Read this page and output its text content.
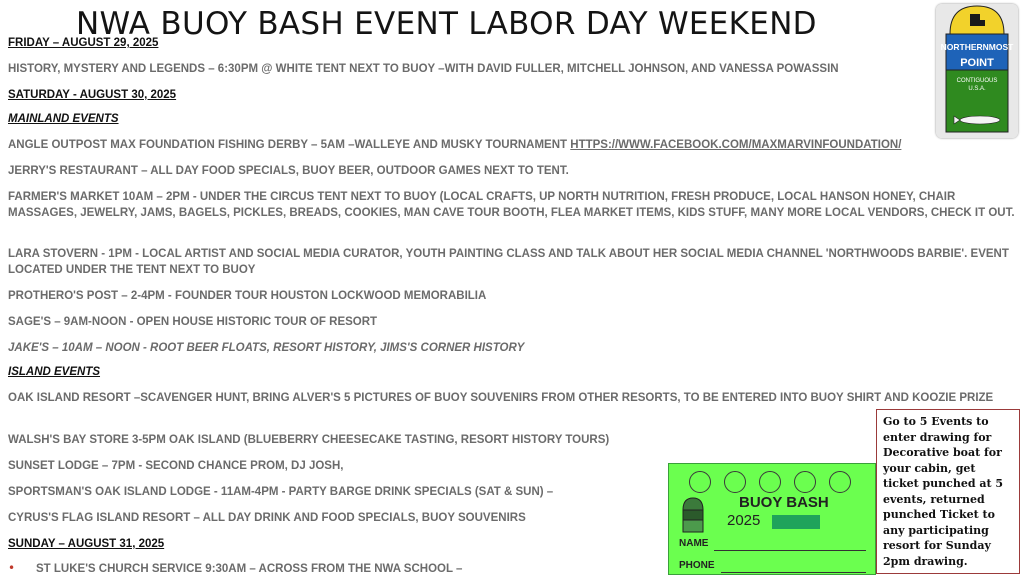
NWA BUOY BASH EVENT LABOR DAY WEEKEND
FRIDAY – AUGUST 29, 2025
HISTORY, MYSTERY AND LEGENDS – 6:30PM @ WHITE TENT NEXT TO BUOY –WITH DAVID FULLER, MITCHELL JOHNSON, AND VANESSA POWASSIN
SATURDAY - AUGUST 30, 2025
MAINLAND EVENTS
ANGLE OUTPOST MAX FOUNDATION FISHING DERBY – 5AM –WALLEYE AND MUSKY TOURNAMENT HTTPS://WWW.FACEBOOK.COM/MAXMARVINFOUNDATION/
JERRY'S RESTAURANT – ALL DAY FOOD SPECIALS, BUOY BEER, OUTDOOR GAMES NEXT TO TENT.
FARMER'S MARKET 10AM – 2PM - UNDER THE CIRCUS TENT NEXT TO BUOY (LOCAL CRAFTS, UP NORTH NUTRITION, FRESH PRODUCE, LOCAL HANSON HONEY, CHAIR MASSAGES, JEWELRY, JAMS, BAGELS, PICKLES, BREADS, COOKIES, MAN CAVE TOUR BOOTH, FLEA MARKET ITEMS, KIDS STUFF, MANY MORE LOCAL VENDORS, CHECK IT OUT.
LARA STOVERN - 1PM - LOCAL ARTIST AND SOCIAL MEDIA CURATOR, YOUTH PAINTING CLASS AND TALK ABOUT HER SOCIAL MEDIA CHANNEL 'NORTHWOODS BARBIE'. EVENT LOCATED UNDER THE TENT NEXT TO BUOY
PROTHERO'S POST – 2-4PM - FOUNDER TOUR HOUSTON LOCKWOOD MEMORABILIA
SAGE'S – 9AM-NOON - OPEN HOUSE HISTORIC TOUR OF RESORT
JAKE'S – 10AM – NOON - ROOT BEER FLOATS, RESORT HISTORY, JIMS'S CORNER HISTORY
ISLAND EVENTS
OAK ISLAND RESORT –SCAVENGER HUNT, BRING ALVER'S 5 PICTURES OF BUOY SOUVENIRS FROM OTHER RESORTS, TO BE ENTERED INTO BUOY SHIRT AND KOOZIE PRIZE
WALSH'S BAY STORE 3-5PM OAK ISLAND (BLUEBERRY CHEESECAKE TASTING, RESORT HISTORY TOURS)
SUNSET LODGE – 7PM - SECOND CHANCE PROM, DJ JOSH,
SPORTSMAN'S OAK ISLAND LODGE - 11AM-4PM - PARTY BARGE DRINK SPECIALS (SAT & SUN) –
CYRUS'S FLAG ISLAND RESORT – ALL DAY DRINK AND FOOD SPECIALS, BUOY SOUVENIRS
SUNDAY – AUGUST 31, 2025
• ST LUKE'S CHURCH SERVICE 9:30AM – ACROSS FROM THE NWA SCHOOL –
NORTHERNMOST
POINT
CONTIGUOUS
U.S.A.
BUOY BASH
2025
NAME
PHONE
Go to 5 Events to enter drawing for Decorative boat for your cabin, get ticket punched at 5 events, returned punched Ticket to any participating resort for Sunday 2pm drawing.
